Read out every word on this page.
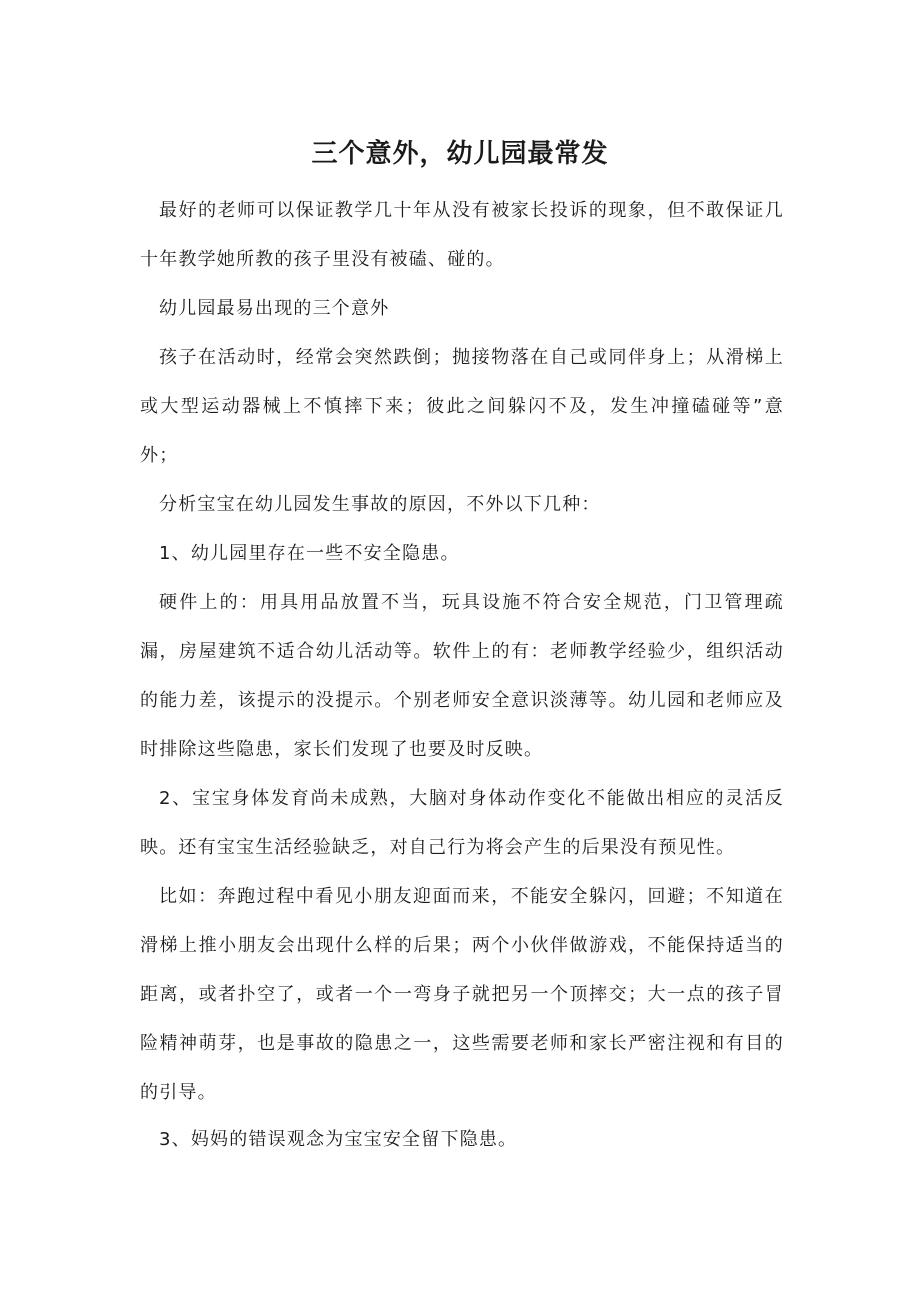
三个意外，幼儿园最常发

最好的老师可以保证教学几十年从没有被家长投诉的现象，但不敢保证几十年教学她所教的孩子里没有被磕、碰的。

幼儿园最易出现的三个意外

孩子在活动时，经常会突然跌倒；抛接物落在自己或同伴身上；从滑梯上或大型运动器械上不慎摔下来；彼此之间躲闪不及，发生冲撞磕碰等”意外；

分析宝宝在幼儿园发生事故的原因，不外以下几种：

1、幼儿园里存在一些不安全隐患。

硬件上的：用具用品放置不当，玩具设施不符合安全规范，门卫管理疏漏，房屋建筑不适合幼儿活动等。软件上的有：老师教学经验少，组织活动的能力差，该提示的没提示。个别老师安全意识淡薄等。幼儿园和老师应及时排除这些隐患，家长们发现了也要及时反映。

2、宝宝身体发育尚未成熟，大脑对身体动作变化不能做出相应的灵活反映。还有宝宝生活经验缺乏，对自己行为将会产生的后果没有预见性。

比如：奔跑过程中看见小朋友迎面而来，不能安全躲闪，回避；不知道在滑梯上推小朋友会出现什么样的后果；两个小伙伴做游戏，不能保持适当的距离，或者扑空了，或者一个一弯身子就把另一个顶摔交；大一点的孩子冒险精神萌芽，也是事故的隐患之一，这些需要老师和家长严密注视和有目的的引导。

3、妈妈的错误观念为宝宝安全留下隐患。
